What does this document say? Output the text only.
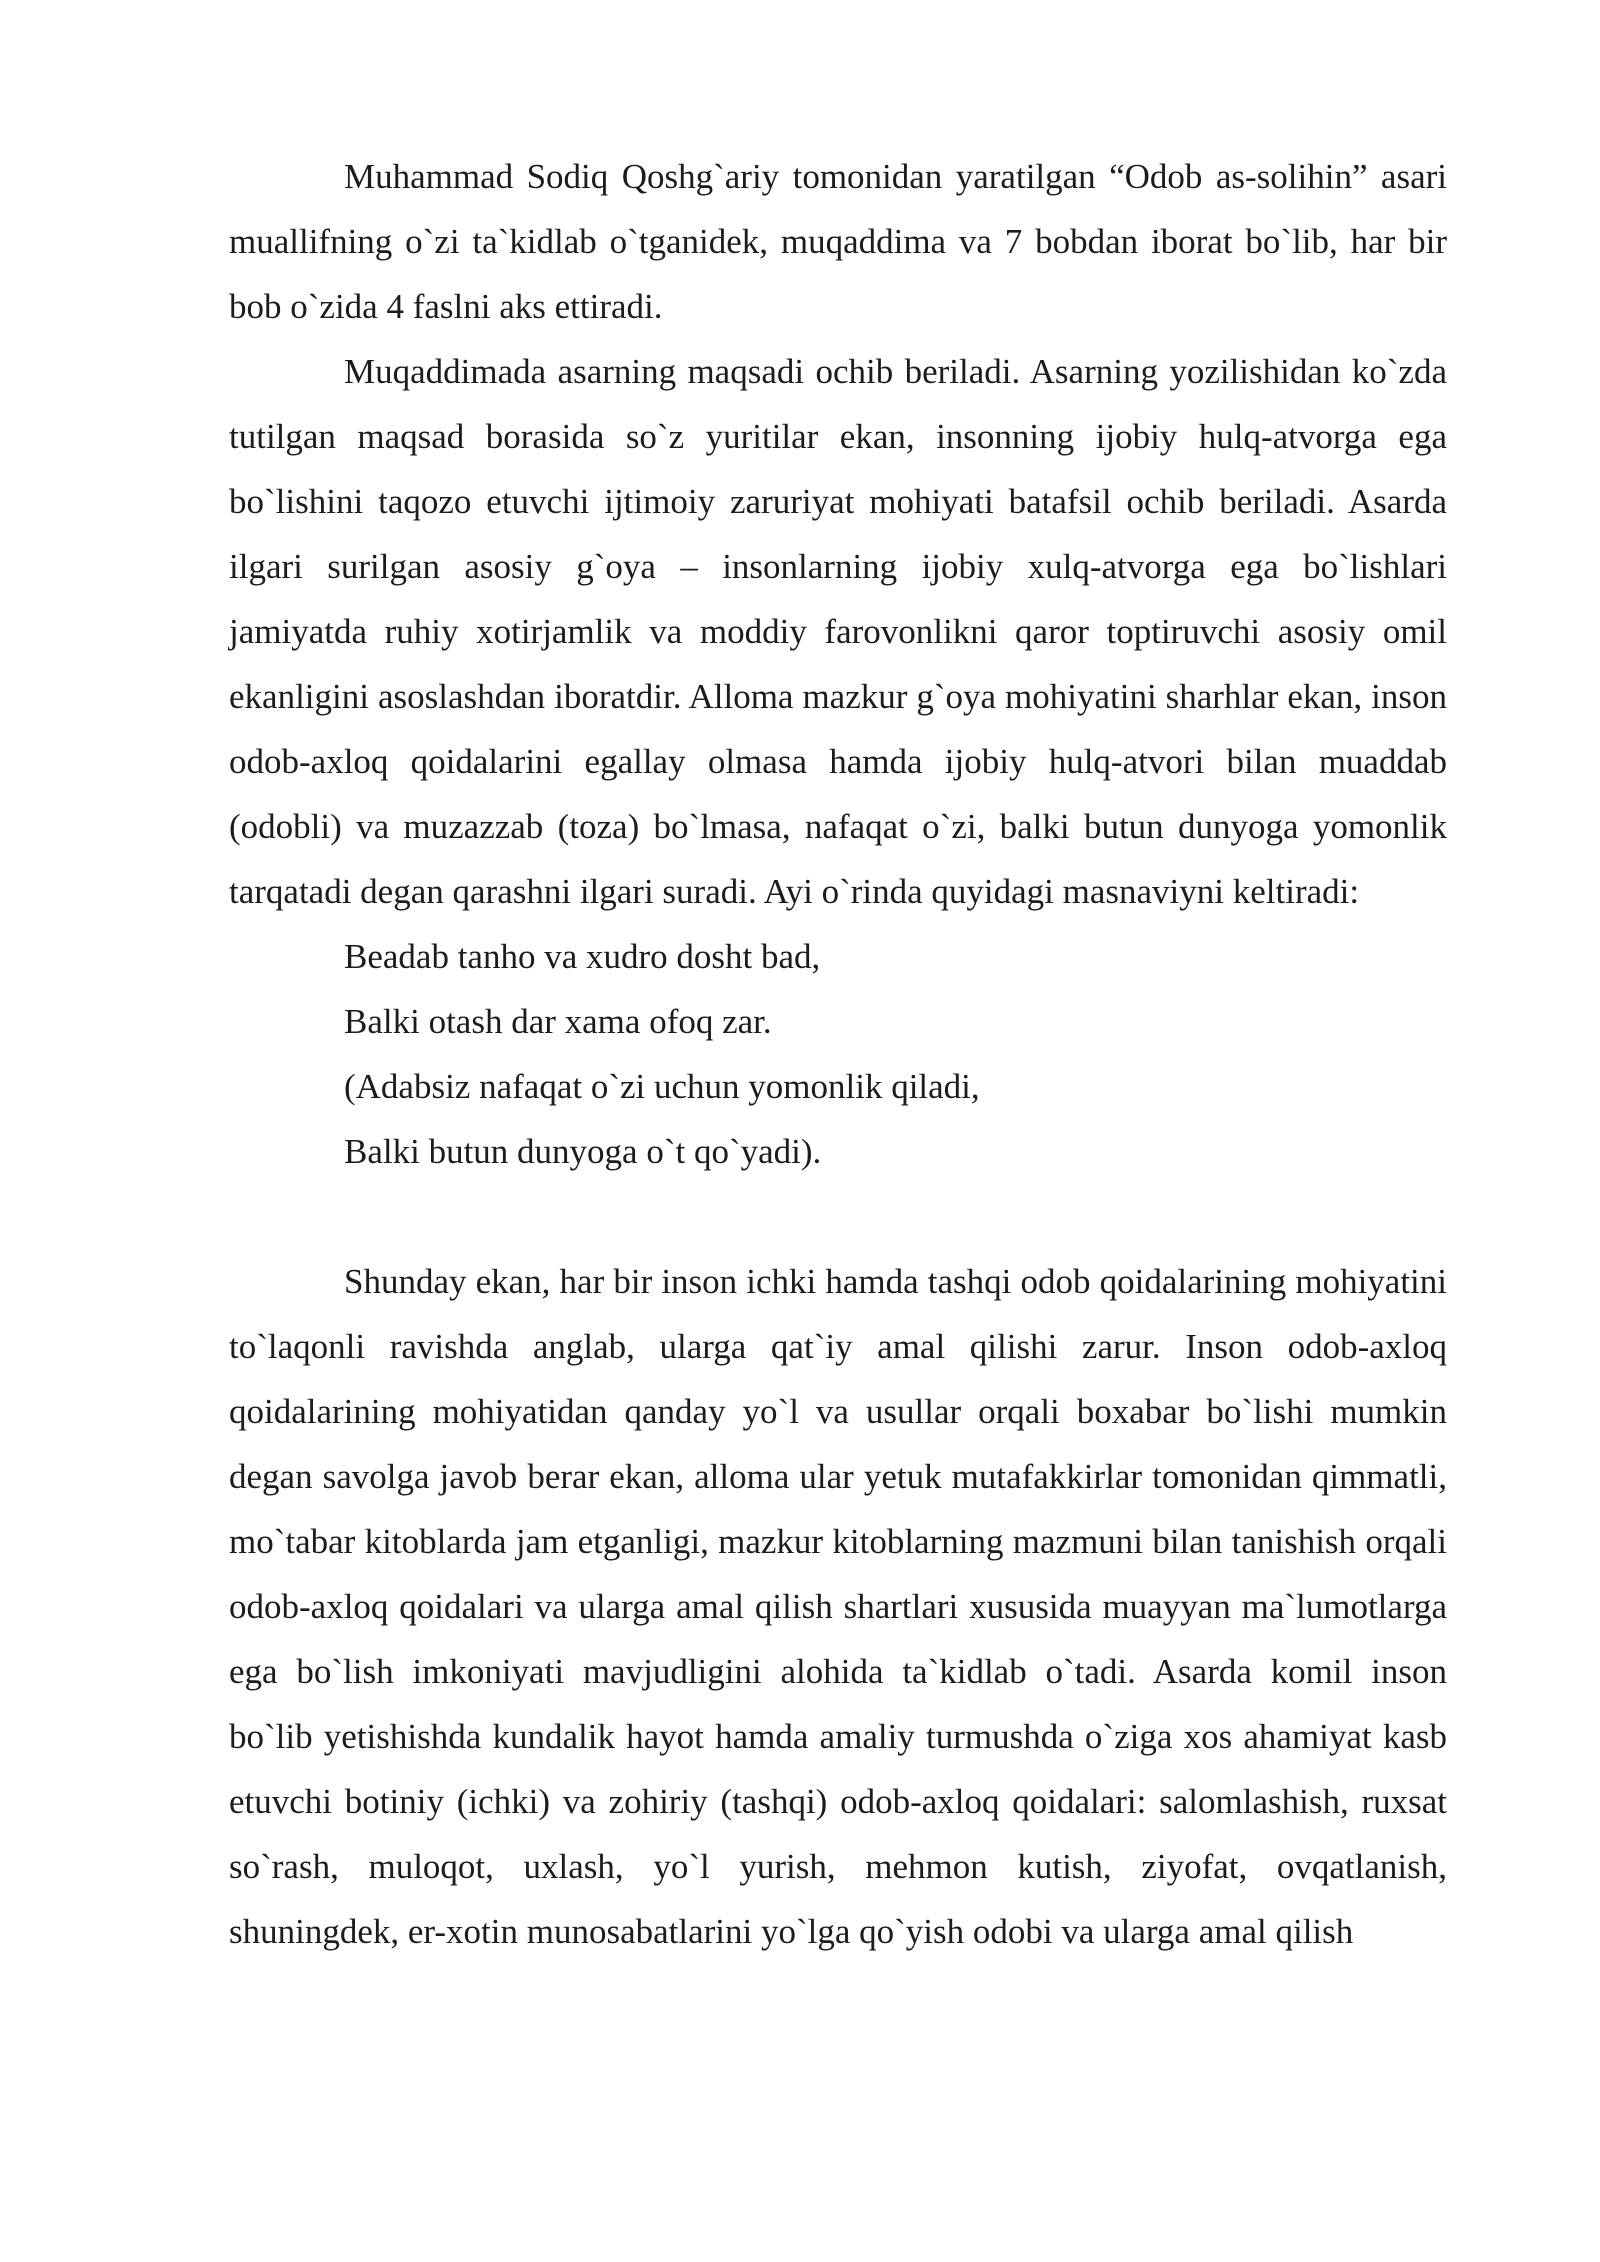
Muhammad Sodiq Qoshg`ariy tomonidan yaratilgan “Odob as-solihin” asari muallifning o`zi ta`kidlab o`tganidek, muqaddima va 7 bobdan iborat bo`lib, har bir bob o`zida 4 faslni aks ettiradi.

Muqaddimada asarning maqsadi ochib beriladi. Asarning yozilishidan ko`zda tutilgan maqsad borasida so`z yuritilar ekan, insonning ijobiy hulq-atvorga ega bo`lishini taqozo etuvchi ijtimoiy zaruriyat mohiyati batafsil ochib beriladi. Asarda ilgari surilgan asosiy g`oya – insonlarning ijobiy xulq-atvorga ega bo`lishlari jamiyatda ruhiy xotirjamlik va moddiy farovonlikni qaror toptiruvchi asosiy omil ekanligini asoslashdan iboratdir. Alloma mazkur g`oya mohiyatini sharhlar ekan, inson odob-axloq qoidalarini egallay olmasa hamda ijobiy hulq-atvori bilan muaddab (odobli) va muzazzab (toza) bo`lmasa, nafaqat o`zi, balki butun dunyoga yomonlik tarqatadi degan qarashni ilgari suradi. Ayi o`rinda quyidagi masnaviyni keltiradi:

Beadab tanho va xudro dosht bad,
Balki otash dar xama ofoq zar.
(Adabsiz nafaqat o`zi uchun yomonlik qiladi,
Balki butun dunyoga o`t qo`yadi).

Shunday ekan, har bir inson ichki hamda tashqi odob qoidalarining mohiyatini to`laqonli ravishda anglab, ularga qat`iy amal qilishi zarur. Inson odob-axloq qoidalarining mohiyatidan qanday yo`l va usullar orqali boxabar bo`lishi mumkin degan savolga javob berar ekan, alloma ular yetuk mutafakkirlar tomonidan qimmatli, mo`tabar kitoblarda jam etganligi, mazkur kitoblarning mazmuni bilan tanishish orqali odob-axloq qoidalari va ularga amal qilish shartlari xususida muayyan ma`lumotlarga ega bo`lish imkoniyati mavjudligini alohida ta`kidlab o`tadi. Asarda komil inson bo`lib yetishishda kundalik hayot hamda amaliy turmushda o`ziga xos ahamiyat kasb etuvchi botiniy (ichki) va zohiriy (tashqi) odob-axloq qoidalari: salomlashish, ruxsat so`rash, muloqot, uxlash, yo`l yurish, mehmon kutish, ziyofat, ovqatlanish, shuningdek, er-xotin munosabatlarini yo`lga qo`yish odobi va ularga amal qilish
